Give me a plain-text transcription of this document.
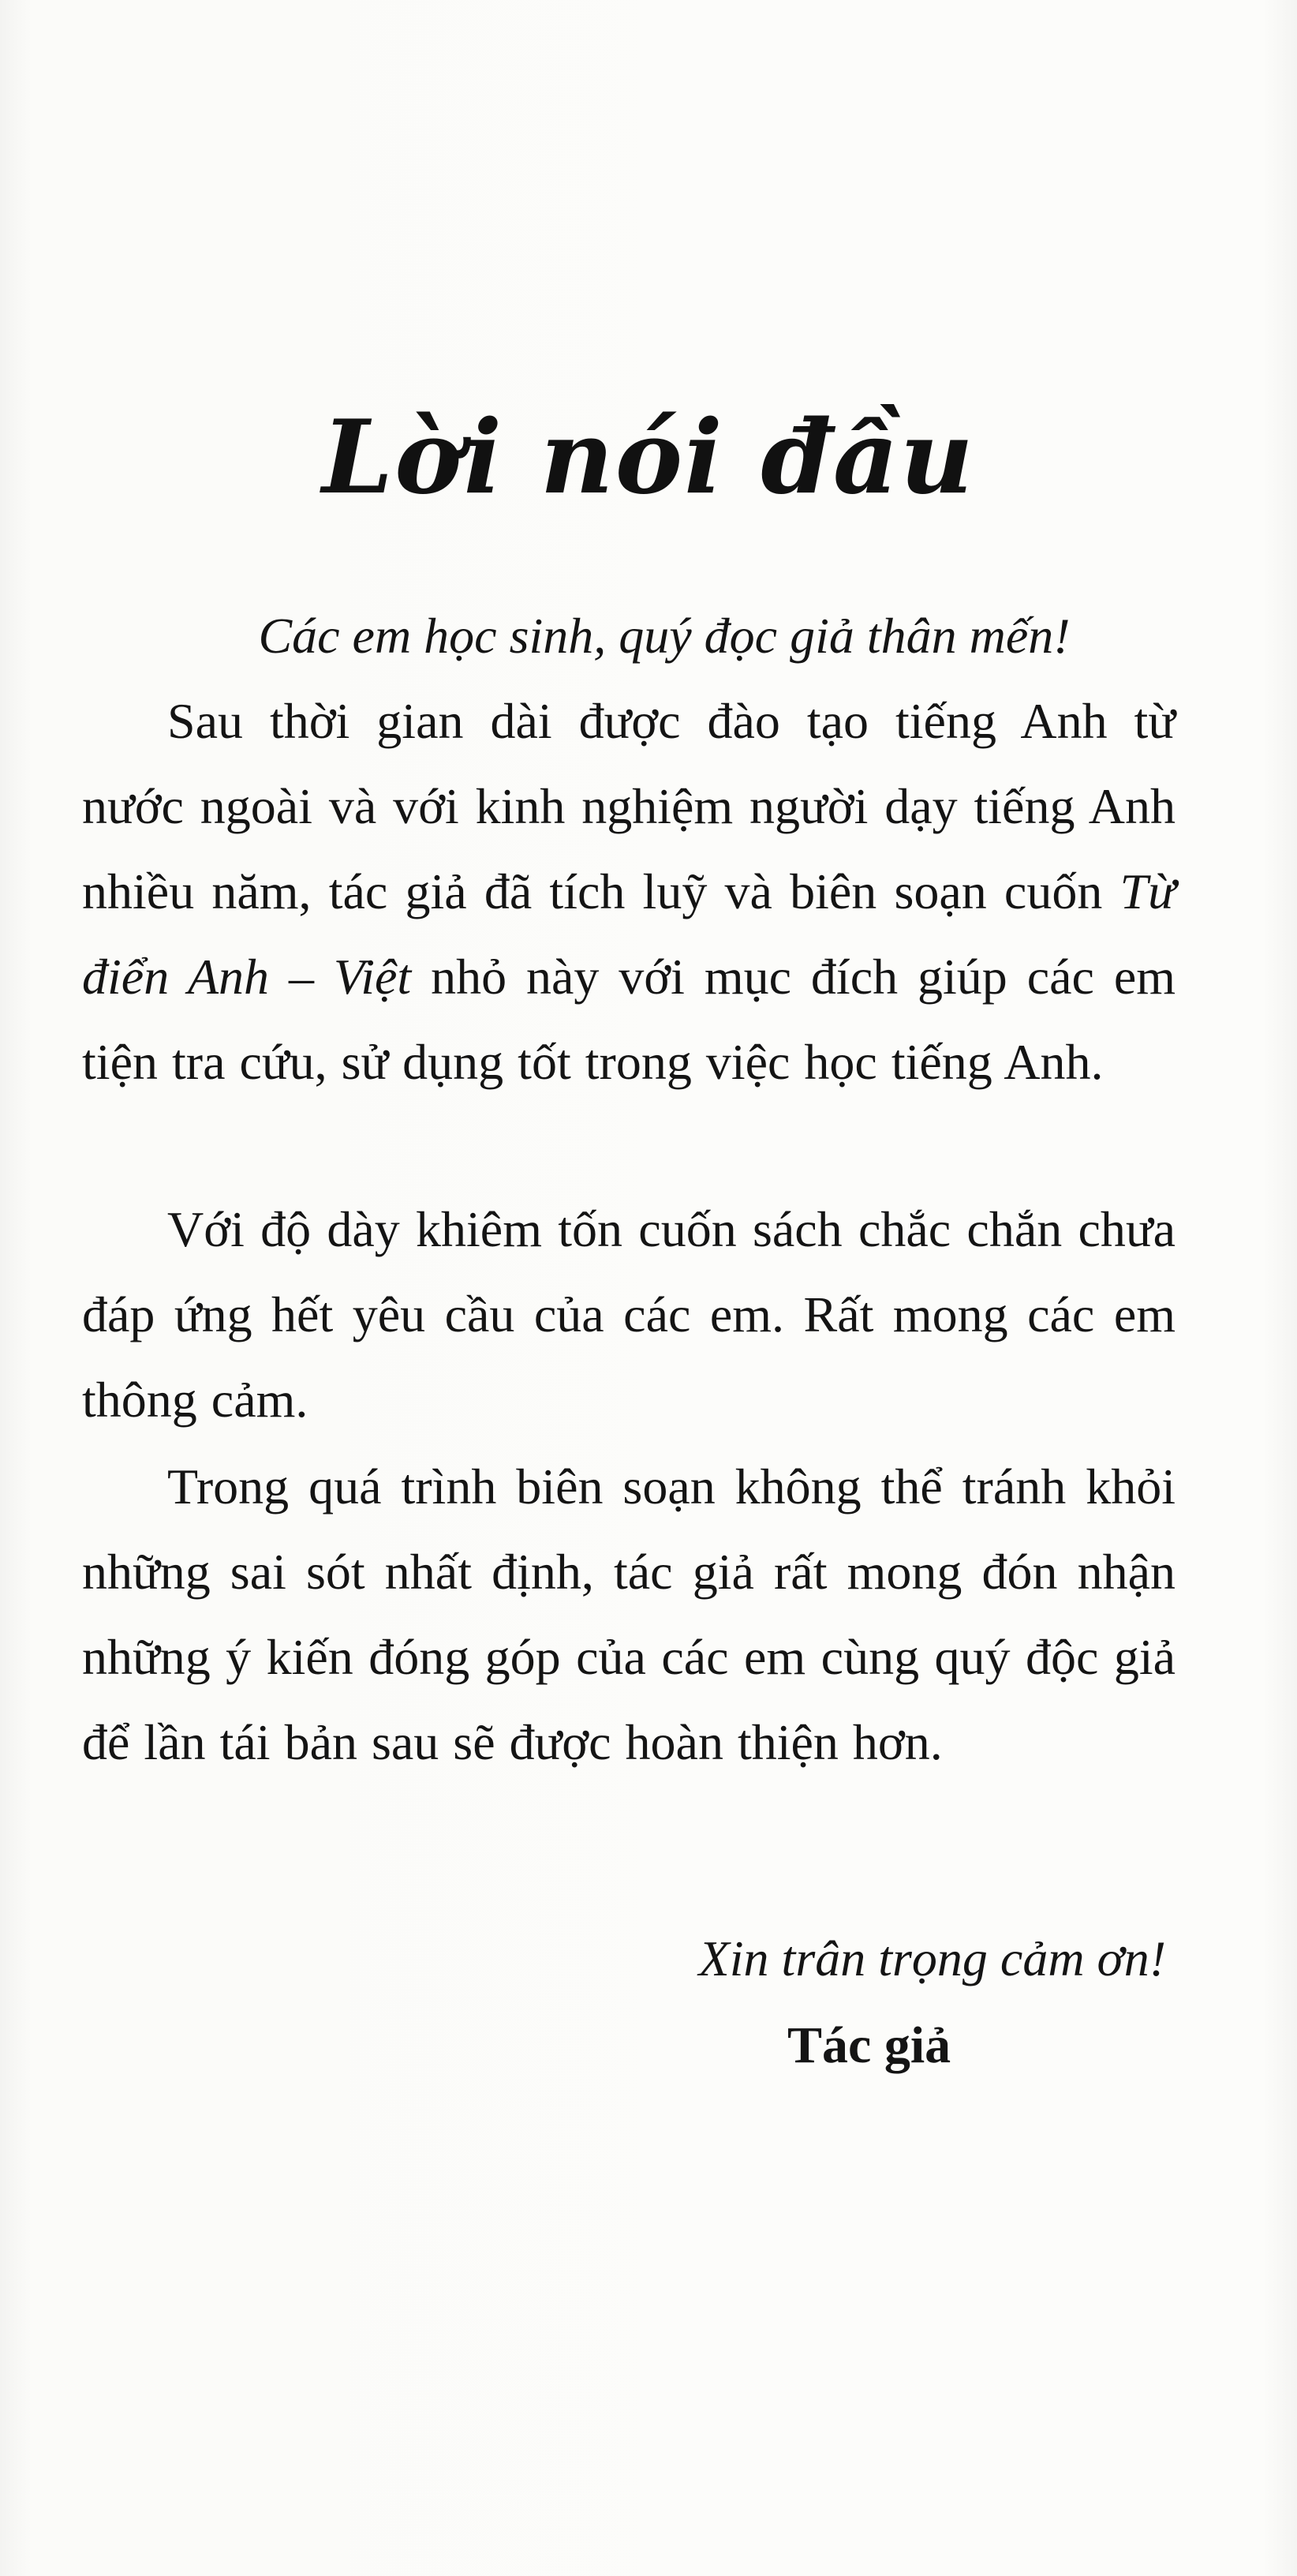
Lời nói đầu
Các em học sinh, quý đọc giả thân mến!

Sau thời gian dài được đào tạo tiếng Anh từ nước ngoài và với kinh nghiệm người dạy tiếng Anh nhiều năm, tác giả đã tích luỹ và biên soạn cuốn Từ điển Anh – Việt nhỏ này với mục đích giúp các em tiện tra cứu, sử dụng tốt trong việc học tiếng Anh.

Với độ dày khiêm tốn cuốn sách chắc chắn chưa đáp ứng hết yêu cầu của các em. Rất mong các em thông cảm.

Trong quá trình biên soạn không thể tránh khỏi những sai sót nhất định, tác giả rất mong đón nhận những ý kiến đóng góp của các em cùng quý độc giả để lần tái bản sau sẽ được hoàn thiện hơn.

Xin trân trọng cảm ơn!
Tác giả
